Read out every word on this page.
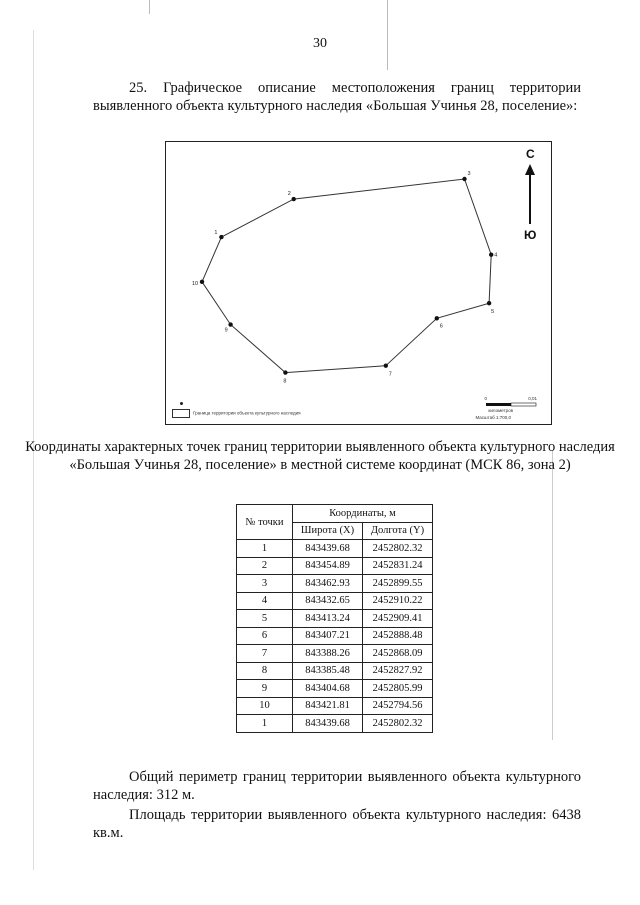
30
25. Графическое описание местоположения границ территории выявленного объекта культурного наследия «Большая Учинья 28, поселение»:
1
2
3
4
5
6
7
8
9
10
С
Ю
Граница территории объекта культурного наследия
0	0,01
километров
Масштаб 1:700,0
Координаты характерных точек границ территории выявленного объекта культурного наследия «Большая Учинья 28, поселение» в местной системе координат (МСК 86, зона 2)
№ точки	Координаты, м	
	Широта (X)	Долгота (Y)
1	843439.68	2452802.32
2	843454.89	2452831.24
3	843462.93	2452899.55
4	843432.65	2452910.22
5	843413.24	2452909.41
6	843407.21	2452888.48
7	843388.26	2452868.09
8	843385.48	2452827.92
9	843404.68	2452805.99
10	843421.81	2452794.56
1	843439.68	2452802.32
Общий периметр границ территории выявленного объекта культурного наследия: 312 м.
Площадь территории выявленного объекта культурного наследия: 6438 кв.м.
